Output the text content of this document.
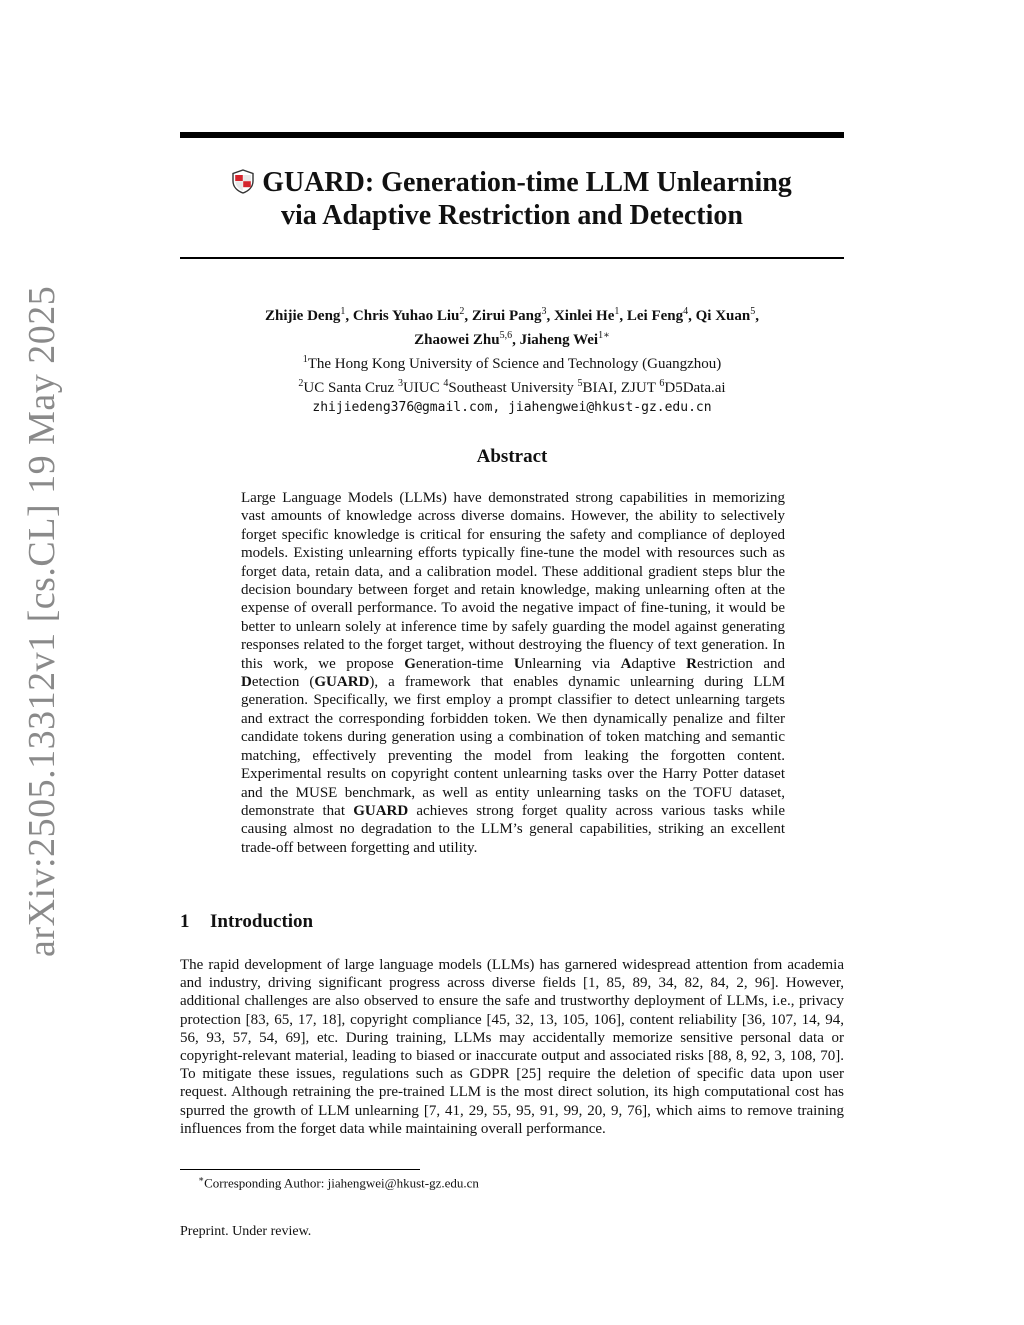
arXiv:2505.13312v1 [cs.CL] 19 May 2025
GUARD: Generation-time LLM Unlearning
via Adaptive Restriction and Detection
Zhijie Deng$^1$, Chris Yuhao Liu$^2$, Zirui Pang$^3$, Xinlei He$^1$, Lei Feng$^4$, Qi Xuan$^5$,
Zhaowei Zhu$^{5,6}$, Jiaheng Wei$^{1∗}$
$^1$The Hong Kong University of Science and Technology (Guangzhou)
$^2$UC Santa Cruz $^3$UIUC $^4$Southeast University $^5$BIAI, ZJUT $^6$D5Data.ai
zhijiedeng376@gmail.com, jiahengwei@hkust-gz.edu.cn
Abstract
Large Language Models (LLMs) have demonstrated strong capabilities in memorizing vast amounts of knowledge across diverse domains. However, the ability to selectively forget specific knowledge is critical for ensuring the safety and compliance of deployed models. Existing unlearning efforts typically fine-tune the model with resources such as forget data, retain data, and a calibration model. These additional gradient steps blur the decision boundary between forget and retain knowledge, making unlearning often at the expense of overall performance. To avoid the negative impact of fine-tuning, it would be better to unlearn solely at inference time by safely guarding the model against generating responses related to the forget target, without destroying the fluency of text generation. In this work, we propose Generation-time Unlearning via Adaptive Restriction and Detection (GUARD), a framework that enables dynamic unlearning during LLM generation. Specifically, we first employ a prompt classifier to detect unlearning targets and extract the corresponding forbidden token. We then dynamically penalize and filter candidate tokens during generation using a combination of token matching and semantic matching, effectively preventing the model from leaking the forgotten content. Experimental results on copyright content unlearning tasks over the Harry Potter dataset and the MUSE benchmark, as well as entity unlearning tasks on the TOFU dataset, demonstrate that GUARD achieves strong forget quality across various tasks while causing almost no degradation to the LLM’s general capabilities, striking an excellent trade-off between forgetting and utility.
1 Introduction
The rapid development of large language models (LLMs) has garnered widespread attention from academia and industry, driving significant progress across diverse fields [1, 85, 89, 34, 82, 84, 2, 96]. However, additional challenges are also observed to ensure the safe and trustworthy deployment of LLMs, i.e., privacy protection [83, 65, 17, 18], copyright compliance [45, 32, 13, 105, 106], content reliability [36, 107, 14, 94, 56, 93, 57, 54, 69], etc. During training, LLMs may accidentally memorize sensitive personal data or copyright-relevant material, leading to biased or inaccurate output and associated risks [88, 8, 92, 3, 108, 70]. To mitigate these issues, regulations such as GDPR [25] require the deletion of specific data upon user request. Although retraining the pre-trained LLM is the most direct solution, its high computational cost has spurred the growth of LLM unlearning [7, 41, 29, 55, 95, 91, 99, 20, 9, 76], which aims to remove training influences from the forget data while maintaining overall performance.
∗Corresponding Author: jiahengwei@hkust-gz.edu.cn
Preprint. Under review.
